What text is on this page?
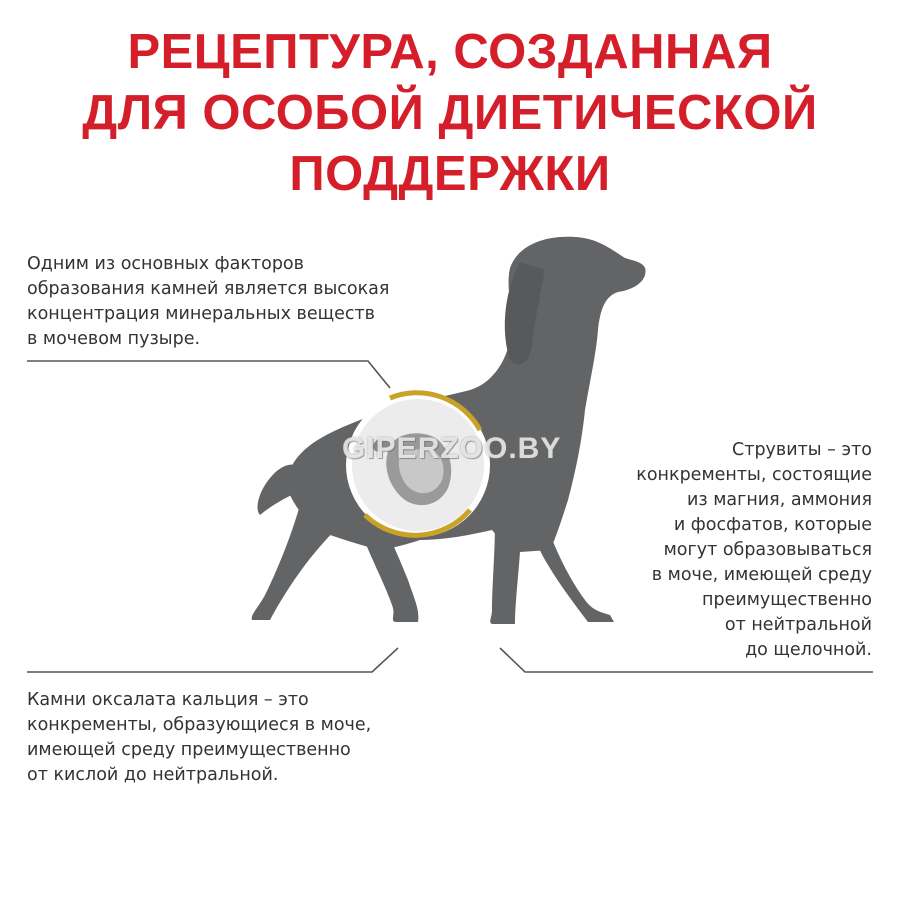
РЕЦЕПТУРА, СОЗДАННАЯ
ДЛЯ ОСОБОЙ ДИЕТИЧЕСКОЙ
ПОДДЕРЖКИ
Одним из основных факторов
образования камней является высокая
концентрация минеральных веществ
в мочевом пузыре.
Струвиты – это
конкременты, состоящие
из магния, аммония
и фосфатов, которые
могут образовываться
в моче, имеющей среду
преимущественно
от нейтральной
до щелочной.
Камни оксалата кальция – это
конкременты, образующиеся в моче,
имеющей среду преимущественно
от кислой до нейтральной.
GIPERZOO.BY
